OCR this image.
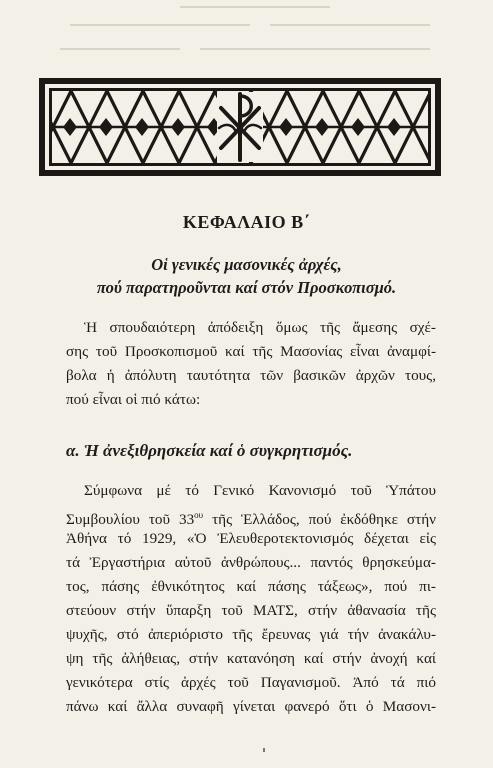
ΚΕΦΑΛΑΙΟ Β΄
Οἱ γενικές μασονικές ἀρχές,
πού παρατηροῦνται καί στόν Προσκοπισμό.
Ἡ σπουδαιότερη ἀπόδειξη ὅμως τῆς ἄμεσης σχέ-
σης τοῦ Προσκοπισμοῦ καί τῆς Μασονίας εἶναι ἀναμφί-
βολα ἡ ἀπόλυτη ταυτότητα τῶν βασικῶν ἀρχῶν τους,
πού εἶναι οἱ πιό κάτω:
α. Ἡ ἀνεξιθρησκεία καί ὁ συγκρητισμός.
Σύμφωνα μέ τό Γενικό Κανονισμό τοῦ Ὑπάτου
Συμβουλίου τοῦ $33^{o\upsilon}$ τῆς Ἑλλάδος, πού ἐκδόθηκε στήν
Ἀθήνα τό 1929, «Ὁ Ἐλευθεροτεκτονισμός δέχεται εἰς
τά Ἐργαστήρια αὐτοῦ ἀνθρώπους... παντός θρησκεύμα-
τος, πάσης ἐθνικότητος καί πάσης τάξεως», πού πι-
στεύουν στήν ὕπαρξη τοῦ ΜΑΤΣ, στήν ἀθανασία τῆς
ψυχῆς, στό ἀπεριόριστο τῆς ἔρευνας γιά τήν ἀνακάλυ-
ψη τῆς ἀλήθειας, στήν κατανόηση καί στήν ἀνοχή καί
γενικότερα στίς ἀρχές τοῦ Παγανισμοῦ. Ἀπό τά πιό
πάνω καί ἄλλα συναφῆ γίνεται φανερό ὅτι ὁ Μασονι-
